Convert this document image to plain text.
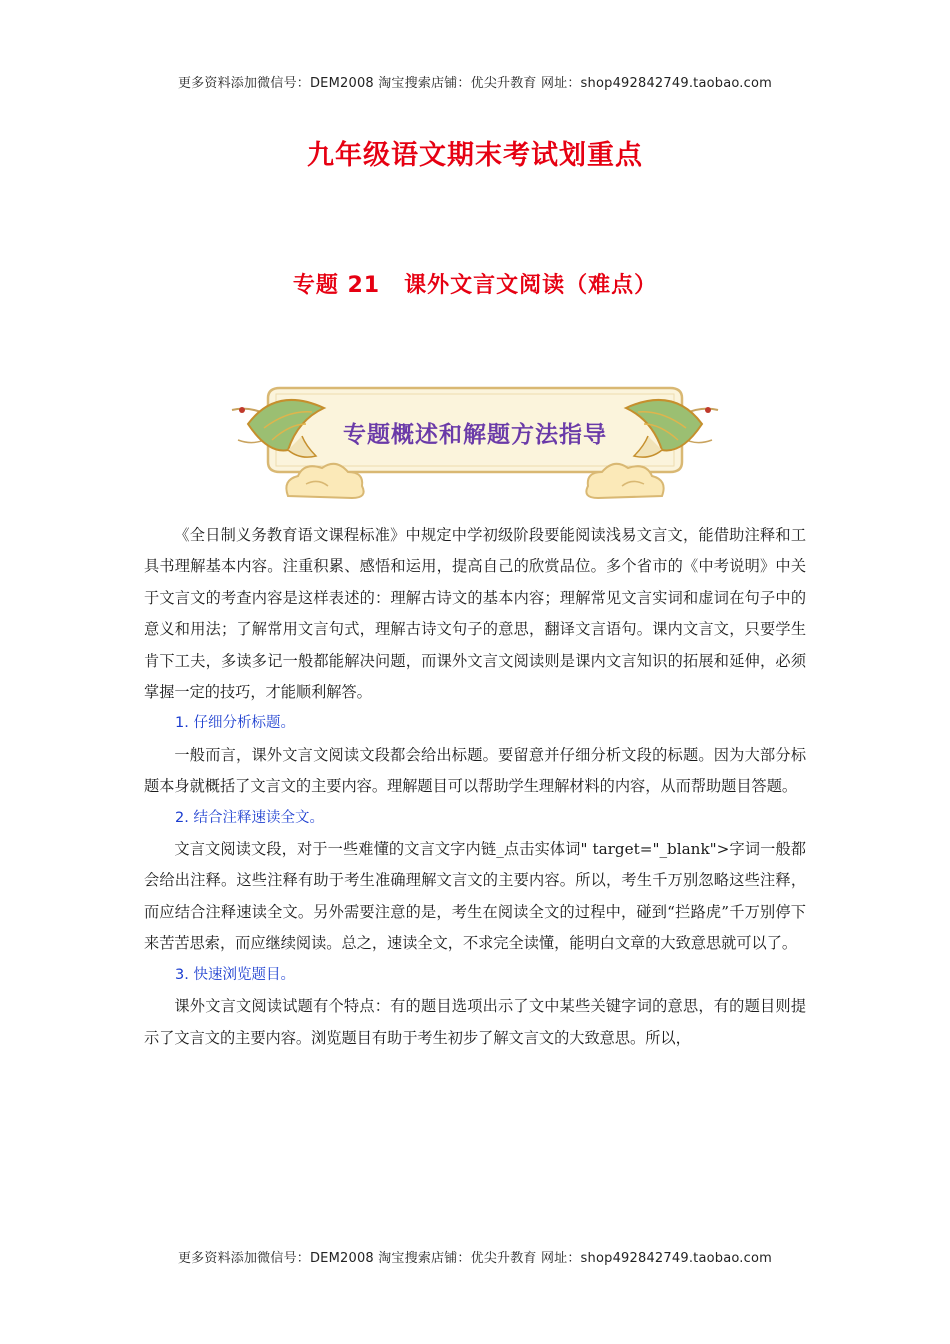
更多资料添加微信号：DEM2008 淘宝搜索店铺：优尖升教育 网址：shop492842749.taobao.com
九年级语文期末考试划重点
专题 21 课外文言文阅读（难点）
专题概述和解题方法指导

《全日制义务教育语文课程标准》中规定中学初级阶段要能阅读浅易文言文，能借助注释和工具书理解基本内容。注重积累、感悟和运用，提高自己的欣赏品位。多个省市的《中考说明》中关于文言文的考查内容是这样表述的：理解古诗文的基本内容；理解常见文言实词和虚词在句子中的意义和用法；了解常用文言句式，理解古诗文句子的意思，翻译文言语句。课内文言文，只要学生肯下工夫，多读多记一般都能解决问题，而课外文言文阅读则是课内文言知识的拓展和延伸，必须掌握一定的技巧，才能顺利解答。

1. 仔细分析标题。

一般而言，课外文言文阅读文段都会给出标题。要留意并仔细分析文段的标题。因为大部分标题本身就概括了文言文的主要内容。理解题目可以帮助学生理解材料的内容，从而帮助题目答题。

2. 结合注释速读全文。

文言文阅读文段，对于一些难懂的文言文字内链_点击实体词" target="_blank">字词一般都会给出注释。这些注释有助于考生准确理解文言文的主要内容。所以，考生千万别忽略这些注释，而应结合注释速读全文。另外需要注意的是，考生在阅读全文的过程中，碰到“拦路虎”千万别停下来苦苦思索，而应继续阅读。总之，速读全文，不求完全读懂，能明白文章的大致意思就可以了。

3. 快速浏览题目。

课外文言文阅读试题有个特点：有的题目选项出示了文中某些关键字词的意思，有的题目则提示了文言文的主要内容。浏览题目有助于考生初步了解文言文的大致意思。所以，

更多资料添加微信号：DEM2008 淘宝搜索店铺：优尖升教育 网址：shop492842749.taobao.com
